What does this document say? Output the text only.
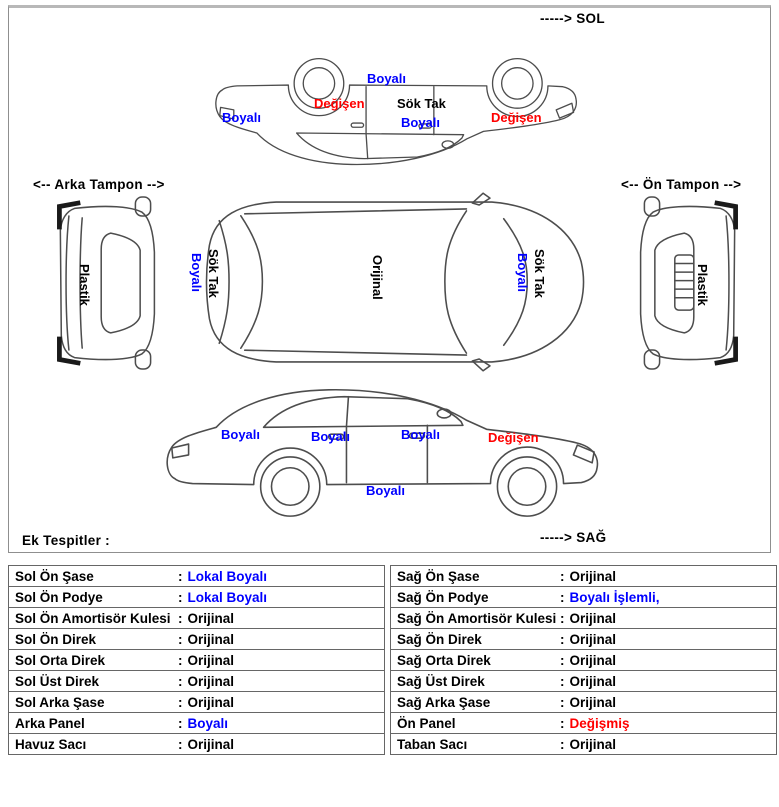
-----> SOL
Boyalı
Değişen Sök Tak
Boyalı
Boyalı	Değişen
<-- Arka Tampon -->	<-- Ön Tampon -->
Plastik	Sök Tak
Boyalı	Orijinal	Sök Tak
Boyalı	Plastik
Boyalı	Boyalı	Boyalı	Değişen
Boyalı
Ek Tespitler :	-----> SAĞ
Sol Ön Şase	: Lokal Boyalı
Sol Ön Podye	: Lokal Boyalı
Sol Ön Amortisör Kulesi : Orijinal
Sol Ön Direk	: Orijinal
Sol Orta Direk	: Orijinal
Sol Üst Direk	: Orijinal
Sol Arka Şase	: Orijinal
Arka Panel	: Boyalı
Havuz Sacı	: Orijinal
Sağ Ön Şase	: Orijinal
Sağ Ön Podye	: Boyalı İşlemli,
Sağ Ön Amortisör Kulesi : Orijinal
Sağ Ön Direk	: Orijinal
Sağ Orta Direk	: Orijinal
Sağ Üst Direk	: Orijinal
Sağ Arka Şase	: Orijinal
Ön Panel	: Değişmiş
Taban Sacı	: Orijinal
